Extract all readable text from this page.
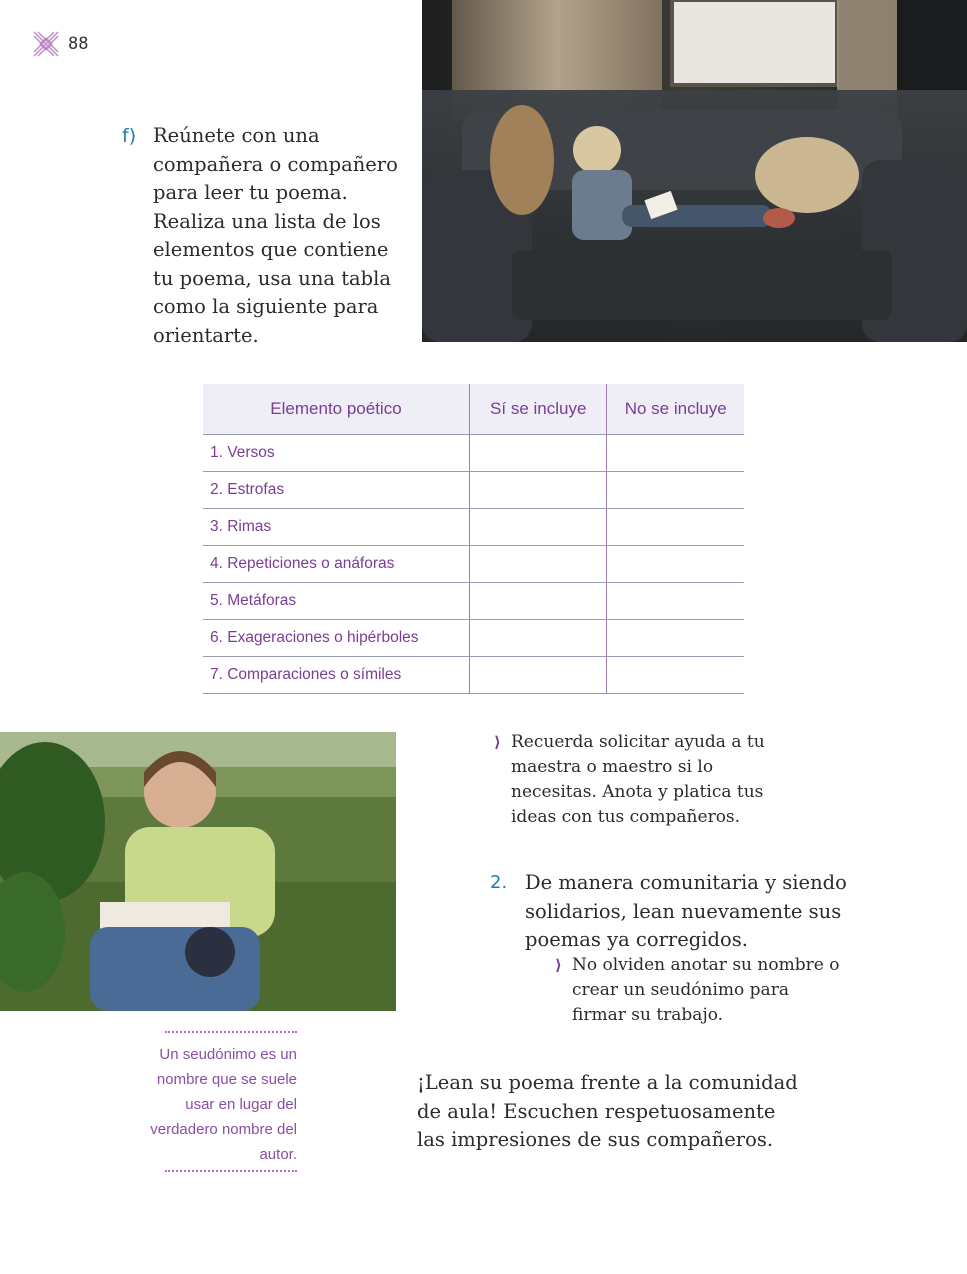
88
f) Reúnete con una compañera o compañero para leer tu poema. Realiza una lista de los elementos que contiene tu poema, usa una tabla como la siguiente para orientarte.
Elemento poético	Sí se incluye	No se incluye
1. Versos		
2. Estrofas		
3. Rimas		
4. Repeticiones o anáforas		
5. Metáforas		
6. Exageraciones o hipérboles		
7. Comparaciones o símiles		
⟩ Recuerda solicitar ayuda a tu maestra o maestro si lo necesitas. Anota y platica tus ideas con tus compañeros.
2. De manera comunitaria y siendo solidarios, lean nuevamente sus poemas ya corregidos.
⟩ No olviden anotar su nombre o crear un seudónimo para firmar su trabajo.
Un seudónimo es un nombre que se suele usar en lugar del verdadero nombre del autor.
¡Lean su poema frente a la comunidad de aula! Escuchen respetuosamente las impresiones de sus compañeros.
